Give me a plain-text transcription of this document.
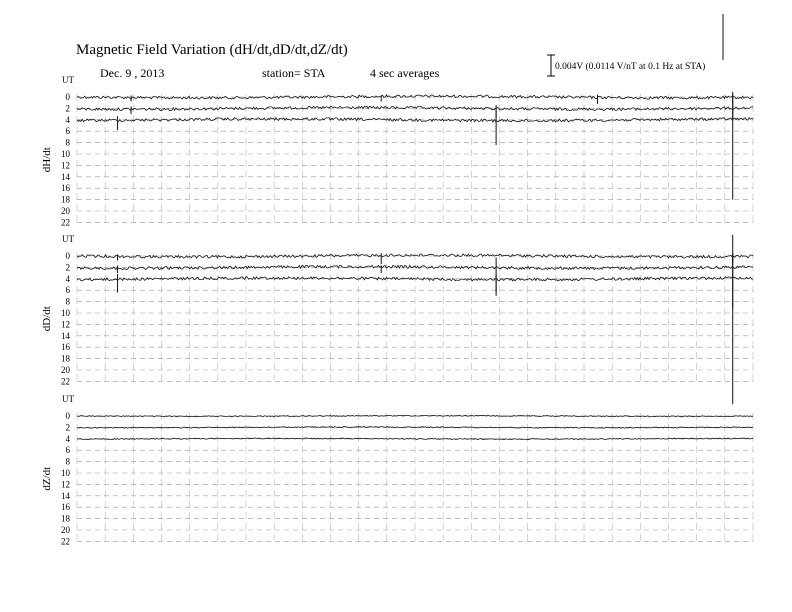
Magnetic Field Variation (dH/dt,dD/dt,dZ/dt)
Dec. 9 , 2013	station= STA	4 sec averages	0.004V (0.0114 V/nT at 0.1 Hz at STA)
UT
dH/dt
0
2
4
6
8
10
12
14
16
18
20
22
UT
dD/dt
0
2
4
6
8
10
12
14
16
18
20
22
UT
dZ/dt
0
2
4
6
8
10
12
14
16
18
20
22
